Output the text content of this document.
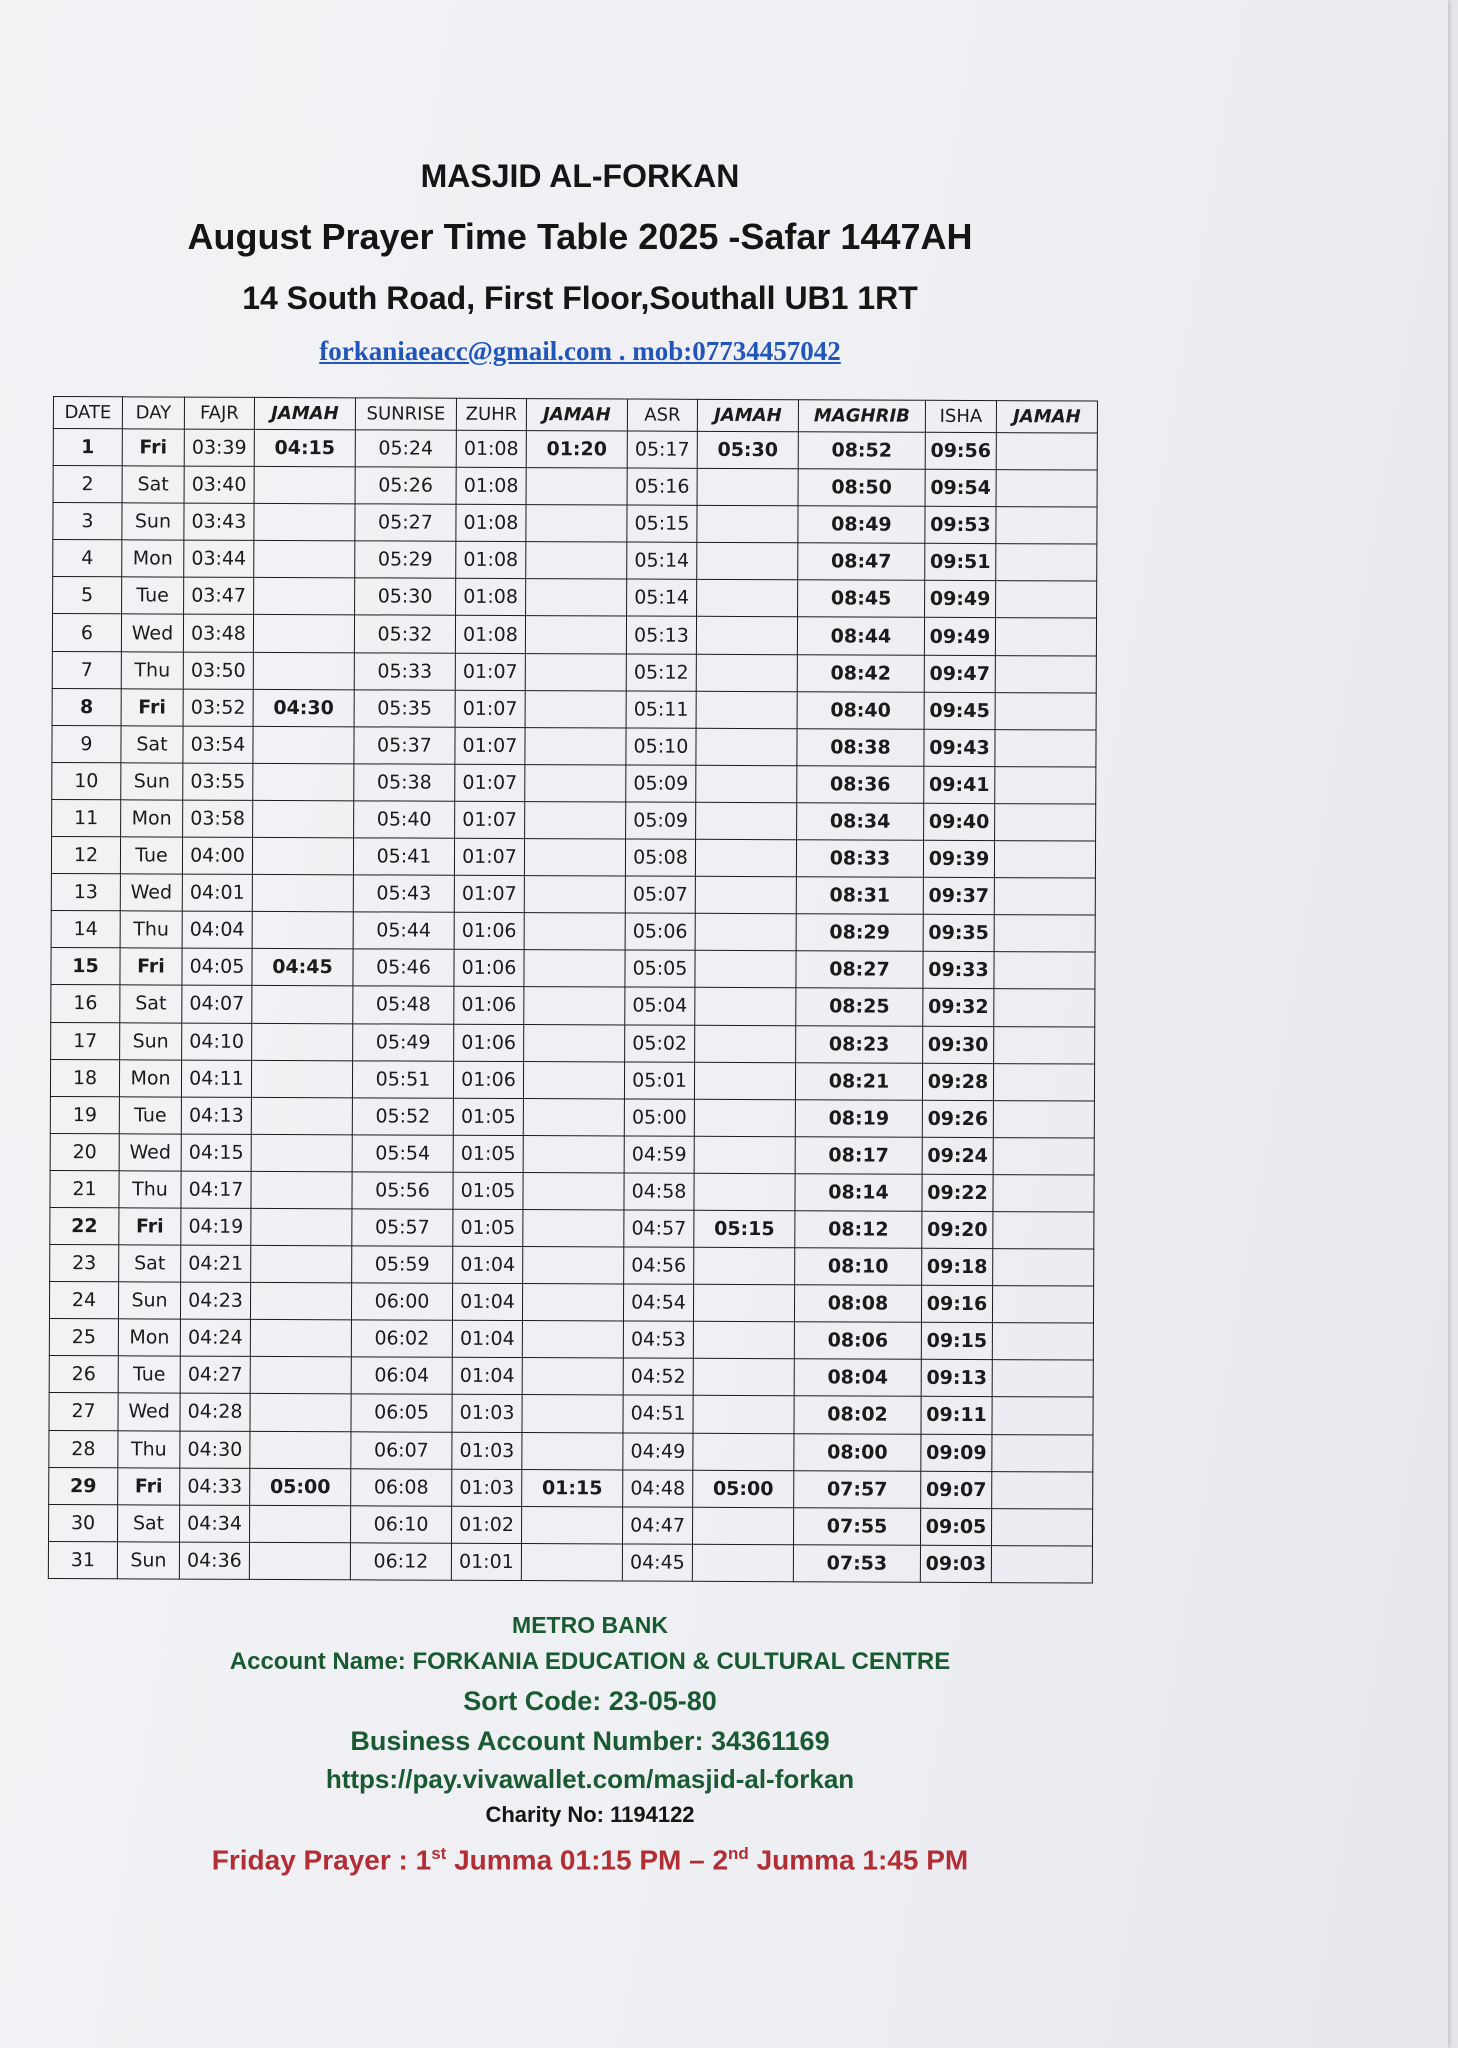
MASJID AL-FORKAN
August Prayer Time Table 2025 -Safar 1447AH
14 South Road, First Floor,Southall UB1 1RT
forkaniaeacc@gmail.com . mob:07734457042
DATE	DAY	FAJR	JAMAH	SUNRISE	ZUHR	JAMAH	ASR	JAMAH	MAGHRIB	ISHA	JAMAH
1	Fri	03:39	04:15	05:24	01:08	01:20	05:17	05:30	08:52	09:56	
2	Sat	03:40		05:26	01:08		05:16		08:50	09:54	
3	Sun	03:43		05:27	01:08		05:15		08:49	09:53	
4	Mon	03:44		05:29	01:08		05:14		08:47	09:51	
5	Tue	03:47		05:30	01:08		05:14		08:45	09:49	
6	Wed	03:48		05:32	01:08		05:13		08:44	09:49	
7	Thu	03:50		05:33	01:07		05:12		08:42	09:47	
8	Fri	03:52	04:30	05:35	01:07		05:11		08:40	09:45	
9	Sat	03:54		05:37	01:07		05:10		08:38	09:43	
10	Sun	03:55		05:38	01:07		05:09		08:36	09:41	
11	Mon	03:58		05:40	01:07		05:09		08:34	09:40	
12	Tue	04:00		05:41	01:07		05:08		08:33	09:39	
13	Wed	04:01		05:43	01:07		05:07		08:31	09:37	
14	Thu	04:04		05:44	01:06		05:06		08:29	09:35	
15	Fri	04:05	04:45	05:46	01:06		05:05		08:27	09:33	
16	Sat	04:07		05:48	01:06		05:04		08:25	09:32	
17	Sun	04:10		05:49	01:06		05:02		08:23	09:30	
18	Mon	04:11		05:51	01:06		05:01		08:21	09:28	
19	Tue	04:13		05:52	01:05		05:00		08:19	09:26	
20	Wed	04:15		05:54	01:05		04:59		08:17	09:24	
21	Thu	04:17		05:56	01:05		04:58		08:14	09:22	
22	Fri	04:19		05:57	01:05		04:57	05:15	08:12	09:20	
23	Sat	04:21		05:59	01:04		04:56		08:10	09:18	
24	Sun	04:23		06:00	01:04		04:54		08:08	09:16	
25	Mon	04:24		06:02	01:04		04:53		08:06	09:15	
26	Tue	04:27		06:04	01:04		04:52		08:04	09:13	
27	Wed	04:28		06:05	01:03		04:51		08:02	09:11	
28	Thu	04:30		06:07	01:03		04:49		08:00	09:09	
29	Fri	04:33	05:00	06:08	01:03	01:15	04:48	05:00	07:57	09:07	
30	Sat	04:34		06:10	01:02		04:47		07:55	09:05	
31	Sun	04:36		06:12	01:01		04:45		07:53	09:03	
METRO BANK
Account Name: FORKANIA EDUCATION & CULTURAL CENTRE
Sort Code: 23-05-80
Business Account Number: 34361169
https://pay.vivawallet.com/masjid-al-forkan
Charity No: 1194122
Friday Prayer : 1st Jumma 01:15 PM – 2nd Jumma 1:45 PM
